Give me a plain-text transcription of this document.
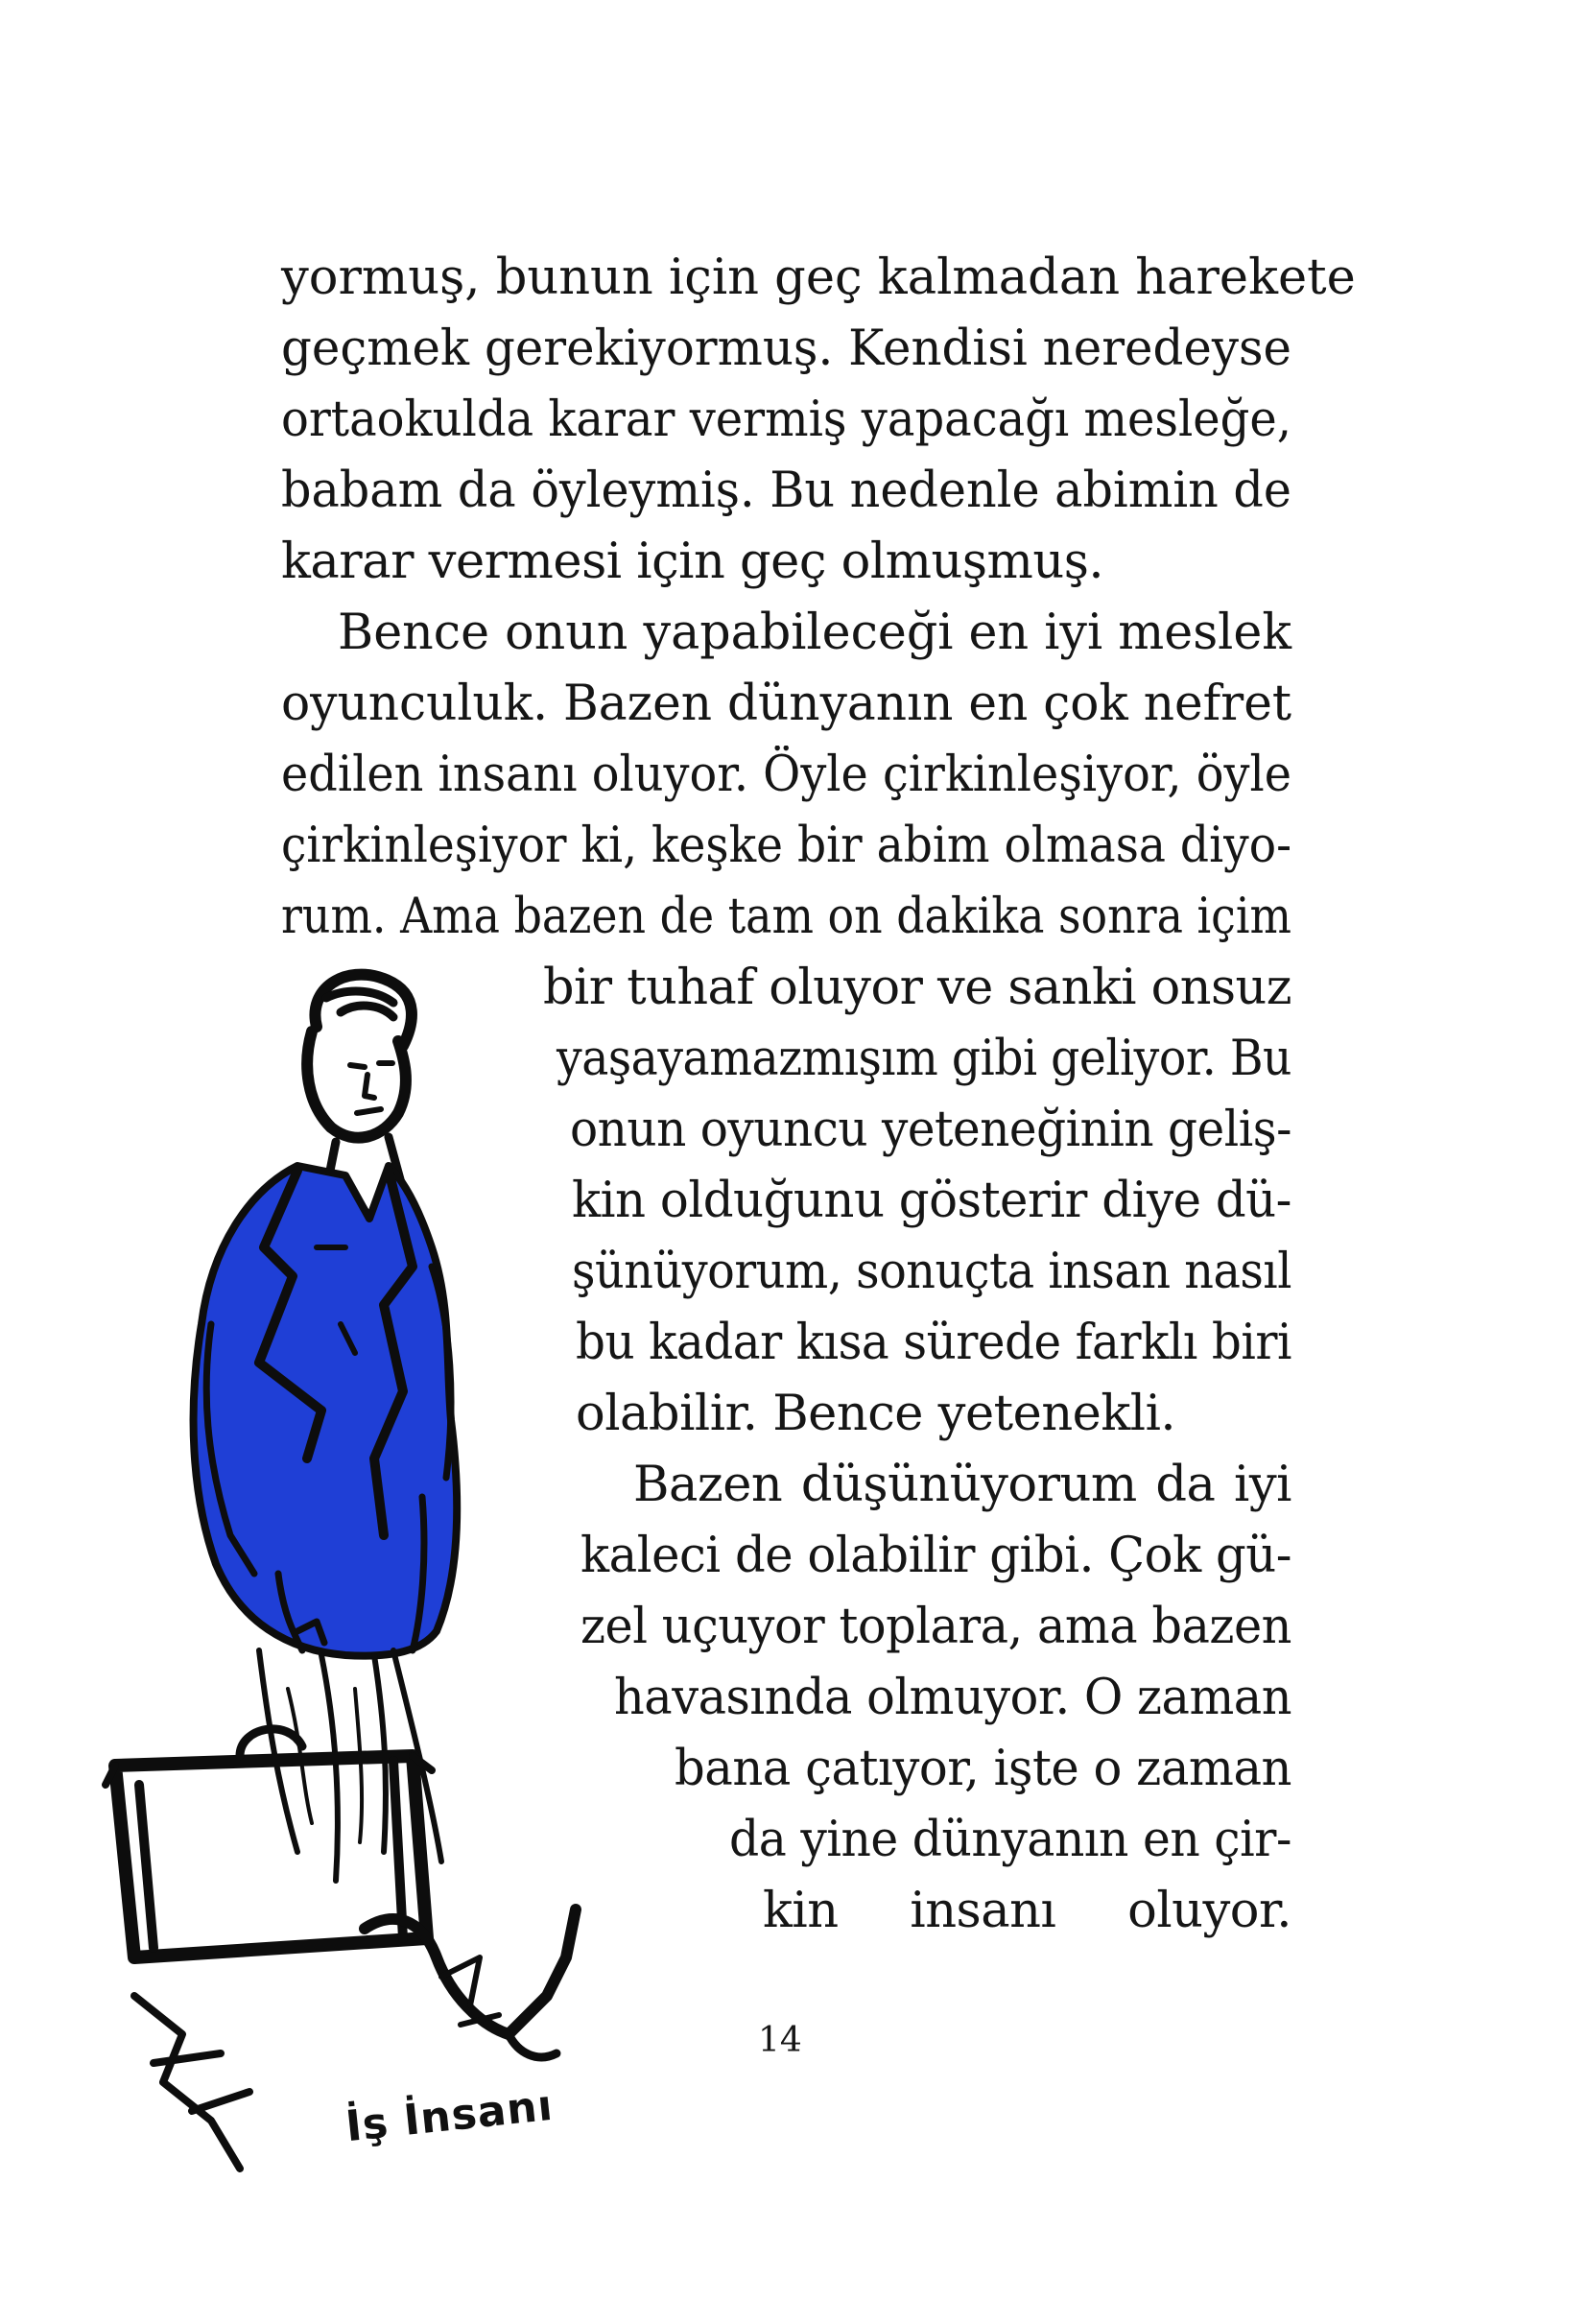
yormuş, bunun için geç kalmadan harekete
geçmek gerekiyormuş. Kendisi neredeyse
ortaokulda karar vermiş yapacağı mesleğe,
babam da öyleymiş. Bu nedenle abimin de
karar vermesi için geç olmuşmuş.
Bence onun yapabileceği en iyi meslek
oyunculuk. Bazen dünyanın en çok nefret
edilen insanı oluyor. Öyle çirkinleşiyor, öyle
çirkinleşiyor ki, keşke bir abim olmasa diyo-
rum. Ama bazen de tam on dakika sonra içim
bir tuhaf oluyor ve sanki onsuz
yaşayamazmışım gibi geliyor. Bu
onun oyuncu yeteneğinin geliş-
kin olduğunu gösterir diye dü-
şünüyorum, sonuçta insan nasıl
bu kadar kısa sürede farklı biri
olabilir. Bence yetenekli.
Bazen düşünüyorum da iyi
kaleci de olabilir gibi. Çok gü-
zel uçuyor toplara, ama bazen
havasında olmuyor. O zaman
bana çatıyor, işte o zaman
da yine dünyanın en çir-
kin insanı oluyor.
İş İnsanı
14
